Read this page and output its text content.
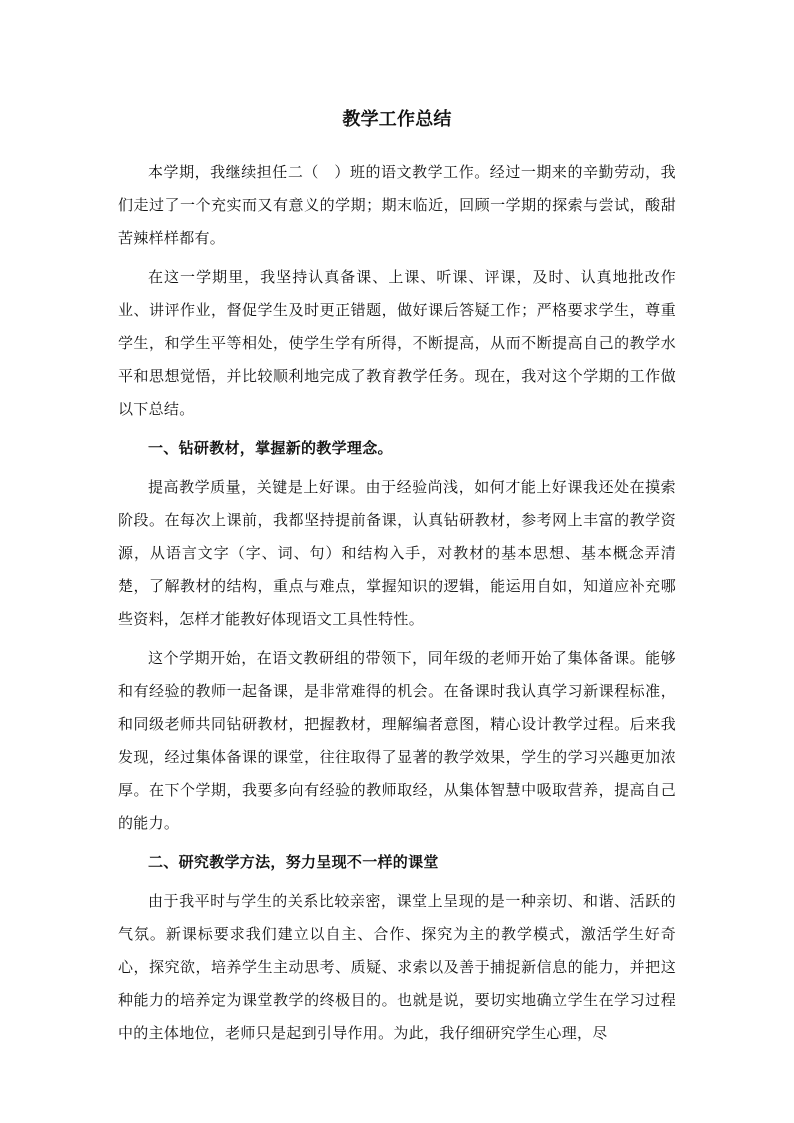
教学工作总结

本学期，我继续担任二（　）班的语文教学工作。经过一期来的辛勤劳动，我们走过了一个充实而又有意义的学期；期末临近，回顾一学期的探索与尝试，酸甜苦辣样样都有。

在这一学期里，我坚持认真备课、上课、听课、评课，及时、认真地批改作业、讲评作业，督促学生及时更正错题，做好课后答疑工作；严格要求学生，尊重学生，和学生平等相处，使学生学有所得，不断提高，从而不断提高自己的教学水平和思想觉悟，并比较顺利地完成了教育教学任务。现在，我对这个学期的工作做以下总结。

一、钻研教材，掌握新的教学理念。

提高教学质量，关键是上好课。由于经验尚浅，如何才能上好课我还处在摸索阶段。在每次上课前，我都坚持提前备课，认真钻研教材，参考网上丰富的教学资源，从语言文字（字、词、句）和结构入手，对教材的基本思想、基本概念弄清楚，了解教材的结构，重点与难点，掌握知识的逻辑，能运用自如，知道应补充哪些资料，怎样才能教好体现语文工具性特性。

这个学期开始，在语文教研组的带领下，同年级的老师开始了集体备课。能够和有经验的教师一起备课，是非常难得的机会。在备课时我认真学习新课程标准，和同级老师共同钻研教材，把握教材，理解编者意图，精心设计教学过程。后来我发现，经过集体备课的课堂，往往取得了显著的教学效果，学生的学习兴趣更加浓厚。在下个学期，我要多向有经验的教师取经，从集体智慧中吸取营养，提高自己的能力。

二、研究教学方法，努力呈现不一样的课堂

由于我平时与学生的关系比较亲密，课堂上呈现的是一种亲切、和谐、活跃的气氛。新课标要求我们建立以自主、合作、探究为主的教学模式，激活学生好奇心，探究欲，培养学生主动思考、质疑、求索以及善于捕捉新信息的能力，并把这种能力的培养定为课堂教学的终极目的。也就是说，要切实地确立学生在学习过程中的主体地位，老师只是起到引导作用。为此，我仔细研究学生心理，尽
